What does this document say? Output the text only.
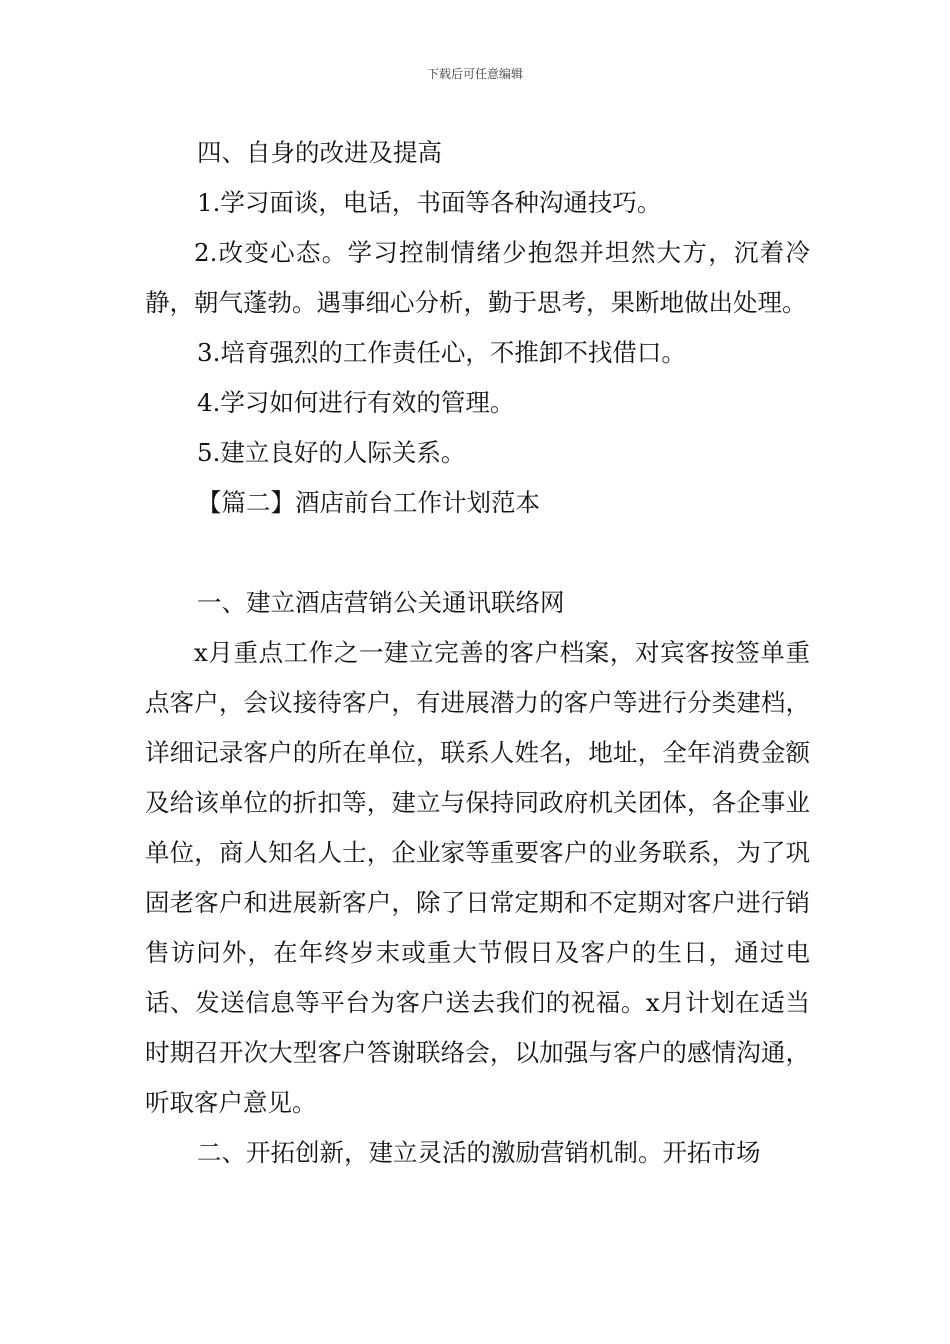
下载后可任意编辑
四、自身的改进及提高
1.学习面谈，电话，书面等各种沟通技巧。

2.改变心态。学习控制情绪少抱怨并坦然大方，沉着冷静，朝气蓬勃。遇事细心分析，勤于思考，果断地做出处理。

3.培育强烈的工作责任心，不推卸不找借口。
4.学习如何进行有效的管理。
5.建立良好的人际关系。
【篇二】酒店前台工作计划范本
一、建立酒店营销公关通讯联络网

x月重点工作之一建立完善的客户档案，对宾客按签单重点客户，会议接待客户，有进展潜力的客户等进行分类建档，详细记录客户的所在单位，联系人姓名，地址，全年消费金额及给该单位的折扣等，建立与保持同政府机关团体，各企事业单位，商人知名人士，企业家等重要客户的业务联系，为了巩固老客户和进展新客户，除了日常定期和不定期对客户进行销售访问外，在年终岁末或重大节假日及客户的生日，通过电话、发送信息等平台为客户送去我们的祝福。x月计划在适当时期召开次大型客户答谢联络会，以加强与客户的感情沟通，听取客户意见。

二、开拓创新，建立灵活的激励营销机制。开拓市场
